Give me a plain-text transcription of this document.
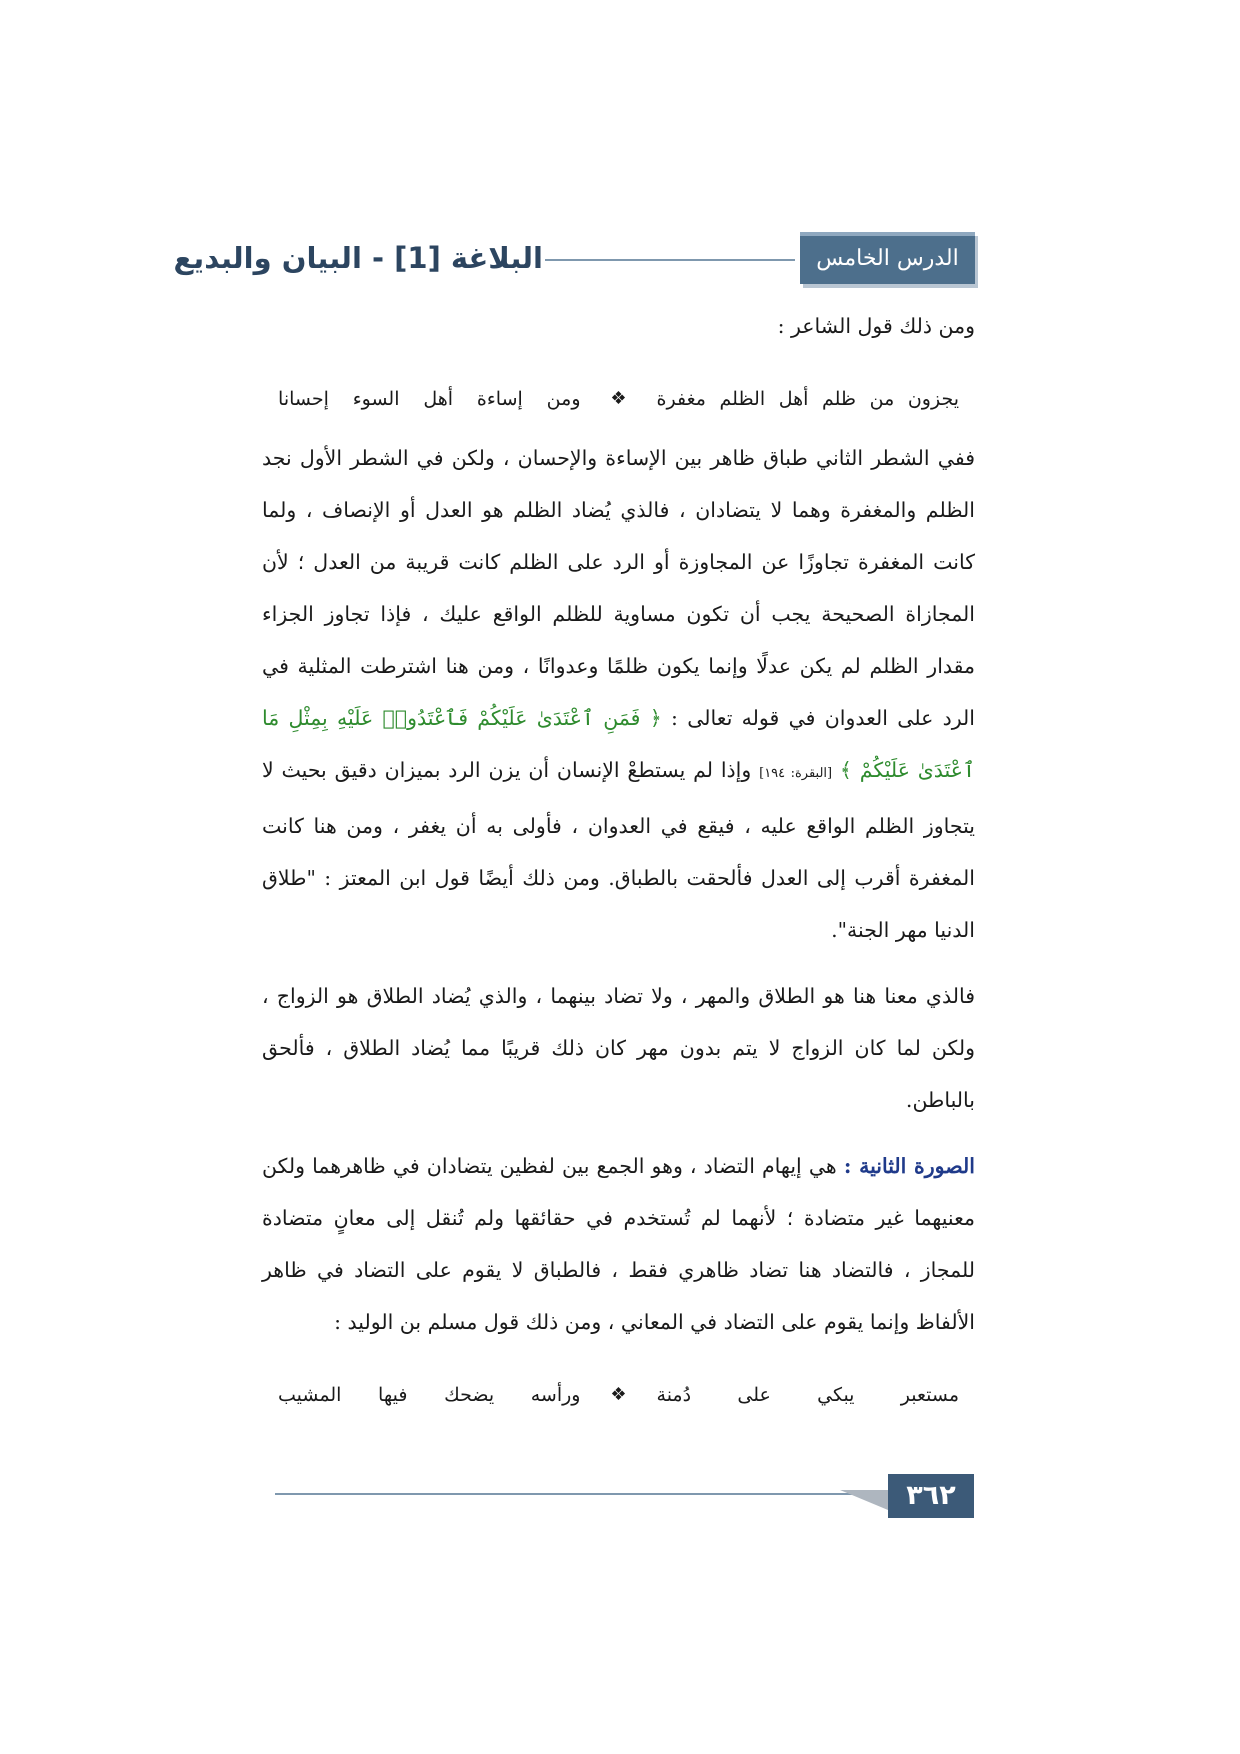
الدرس الخامس عشر
البلاغة [1] - البيان والبديع

ومن ذلك قول الشاعر :

يجزون
من
ظلم
أهل
الظلم
مغفرة
❖
ومن
إساءة
أهل
السوء
إحسانا

ففي الشطر الثاني طباق ظاهر بين الإساءة والإحسان ، ولكن في الشطر الأول نجد الظلم والمغفرة وهما لا يتضادان ، فالذي يُضاد الظلم هو العدل أو الإنصاف ، ولما كانت المغفرة تجاوزًا عن المجاوزة أو الرد على الظلم كانت قريبة من العدل ؛ لأن المجازاة الصحيحة يجب أن تكون مساوية للظلم الواقع عليك ، فإذا تجاوز الجزاء مقدار الظلم لم يكن عدلًا وإنما يكون ظلمًا وعدوانًا ، ومن هنا اشترطت المثلية في الرد على العدوان في قوله تعالى : ﴿ فَمَنِ ٱعْتَدَىٰ عَلَيْكُمْ فَٱعْتَدُوا۟ عَلَيْهِ بِمِثْلِ مَا ٱعْتَدَىٰ عَلَيْكُمْ ﴾ [البقرة: ١٩٤] وإذا لم يستطعْ الإنسان أن يزن الرد بميزان دقيق بحيث لا يتجاوز الظلم الواقع عليه ، فيقع في العدوان ، فأولى به أن يغفر ، ومن هنا كانت المغفرة أقرب إلى العدل فألحقت بالطباق. ومن ذلك أيضًا قول ابن المعتز : "طلاق الدنيا مهر الجنة".

فالذي معنا هنا هو الطلاق والمهر ، ولا تضاد بينهما ، والذي يُضاد الطلاق هو الزواج ، ولكن لما كان الزواج لا يتم بدون مهر كان ذلك قريبًا مما يُضاد الطلاق ، فألحق بالباطن.

الصورة الثانية : هي إيهام التضاد ، وهو الجمع بين لفظين يتضادان في ظاهرهما ولكن معنيهما غير متضادة ؛ لأنهما لم تُستخدم في حقائقها ولم تُنقل إلى معانٍ متضادة للمجاز ، فالتضاد هنا تضاد ظاهري فقط ، فالطباق لا يقوم على التضاد في ظاهر الألفاظ وإنما يقوم على التضاد في المعاني ، ومن ذلك قول مسلم بن الوليد :

مستعبر
يبكي
على
دُمنة
❖
ورأسه
يضحك
فيها
المشيب
٣٦٢
